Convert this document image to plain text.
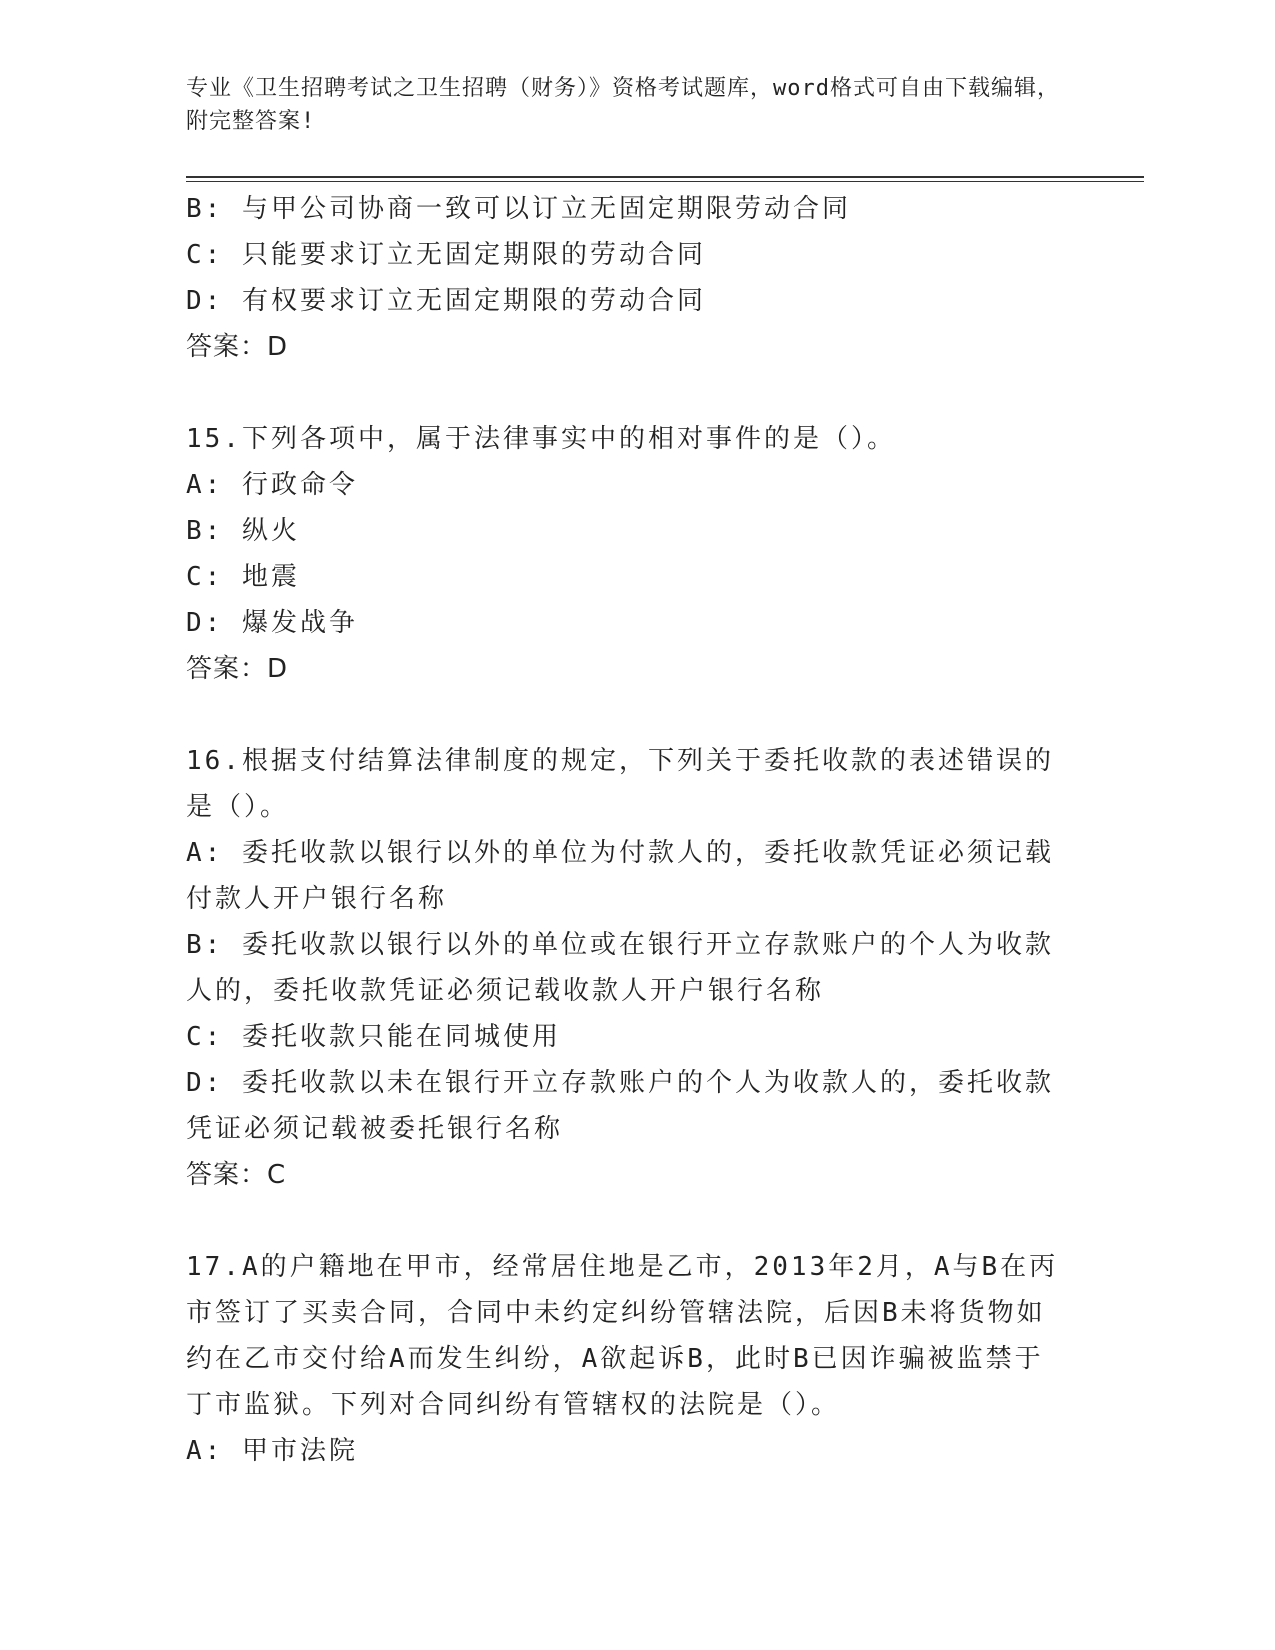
专业《卫生招聘考试之卫生招聘（财务）》资格考试题库，word格式可自由下载编辑，附完整答案!

B: 与甲公司协商一致可以订立无固定期限劳动合同

C: 只能要求订立无固定期限的劳动合同

D: 有权要求订立无固定期限的劳动合同

答案：D

15.下列各项中，属于法律事实中的相对事件的是（）。

A: 行政命令

B: 纵火

C: 地震

D: 爆发战争

答案：D

16.根据支付结算法律制度的规定，下列关于委托收款的表述错误的是（）。

A: 委托收款以银行以外的单位为付款人的，委托收款凭证必须记载付款人开户银行名称

B: 委托收款以银行以外的单位或在银行开立存款账户的个人为收款人的，委托收款凭证必须记载收款人开户银行名称

C: 委托收款只能在同城使用

D: 委托收款以未在银行开立存款账户的个人为收款人的，委托收款凭证必须记载被委托银行名称

答案：C

17.A的户籍地在甲市，经常居住地是乙市，2013年2月，A与B在丙市签订了买卖合同，合同中未约定纠纷管辖法院，后因B未将货物如约在乙市交付给A而发生纠纷，A欲起诉B，此时B已因诈骗被监禁于丁市监狱。下列对合同纠纷有管辖权的法院是（）。

A: 甲市法院
